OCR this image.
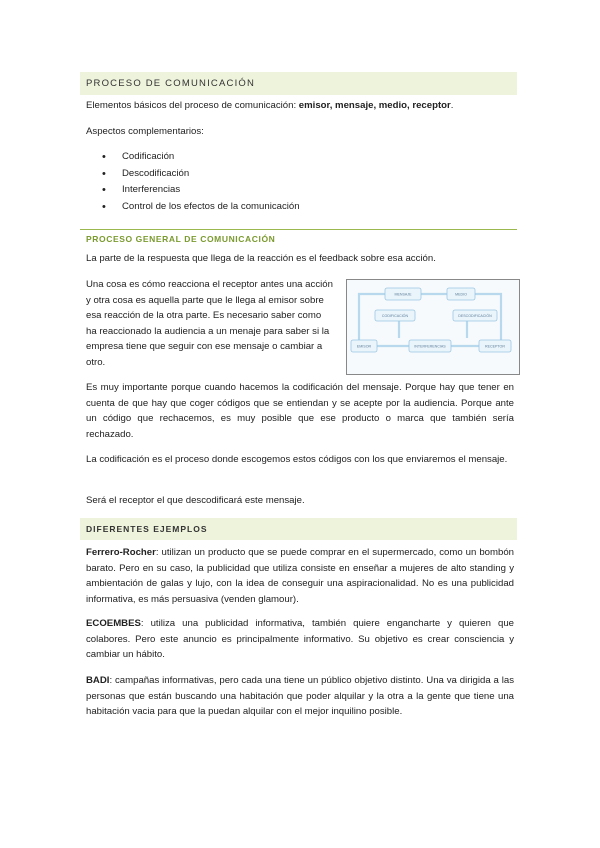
PROCESO DE COMUNICACIÓN

Elementos básicos del proceso de comunicación: emisor, mensaje, medio, receptor.

Aspectos complementarios:

• Codificación
• Descodificación
• Interferencias
• Control de los efectos de la comunicación
PROCESO GENERAL DE COMUNICACIÓN

La parte de la respuesta que llega de la reacción es el feedback sobre esa acción.

Una cosa es cómo reacciona el receptor antes una acción
y otra cosa es aquella parte que le llega al emisor sobre
esa reacción de la otra parte. Es necesario saber como
ha reaccionado la audiencia a un menaje para saber si la
empresa tiene que seguir con ese mensaje o cambiar a
otro.
MENSAJE	MEDIO
CODIFICACIÓN	DESCODIFICACIÓN
EMISOR	INTERFERENCIAS	RECEPTOR

Es muy importante porque cuando hacemos la codificación del mensaje. Porque hay que tener en cuenta de que hay que coger códigos que se entiendan y se acepte por la audiencia. Porque ante un código que rechacemos, es muy posible que ese producto o marca que también sería rechazado.

La codificación es el proceso donde escogemos estos códigos con los que enviaremos el mensaje.

Será el receptor el que descodificará este mensaje.

DIFERENTES EJEMPLOS

Ferrero-Rocher: utilizan un producto que se puede comprar en el supermercado, como un bombón barato. Pero en su caso, la publicidad que utiliza consiste en enseñar a mujeres de alto standing y ambientación de galas y lujo, con la idea de conseguir una aspiracionalidad. No es una publicidad informativa, es más persuasiva (venden glamour).

ECOEMBES: utiliza una publicidad informativa, también quiere engancharte y quieren que colabores. Pero este anuncio es principalmente informativo. Su objetivo es crear consciencia y cambiar un hábito.

BADI: campañas informativas, pero cada una tiene un público objetivo distinto. Una va dirigida a las personas que están buscando una habitación que poder alquilar y la otra a la gente que tiene una habitación vacia para que la puedan alquilar con el mejor inquilino posible.
